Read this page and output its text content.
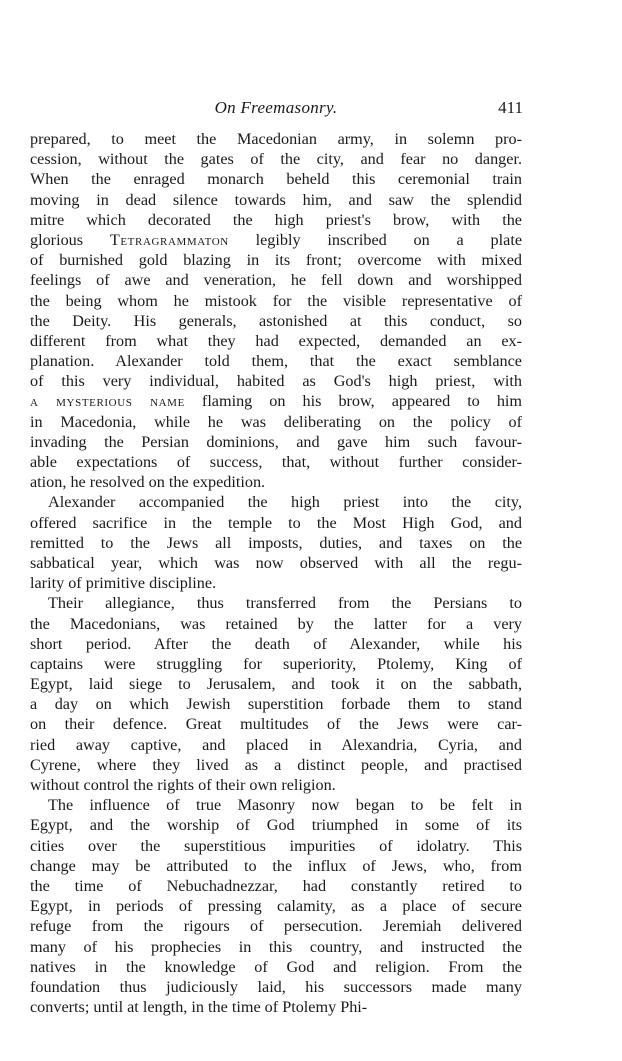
On Freemasonry.	411
prepared, to meet the Macedonian army, in solemn pro-
cession, without the gates of the city, and fear no danger.
When the enraged monarch beheld this ceremonial train
moving in dead silence towards him, and saw the splendid
mitre which decorated the high priest's brow, with the
glorious Tetragrammaton legibly inscribed on a plate
of burnished gold blazing in its front; overcome with mixed
feelings of awe and veneration, he fell down and worshipped
the being whom he mistook for the visible representative of
the Deity. His generals, astonished at this conduct, so
different from what they had expected, demanded an ex-
planation. Alexander told them, that the exact semblance
of this very individual, habited as God's high priest, with
a mysterious name flaming on his brow, appeared to him
in Macedonia, while he was deliberating on the policy of
invading the Persian dominions, and gave him such favour-
able expectations of success, that, without further consider-
ation, he resolved on the expedition.
Alexander accompanied the high priest into the city,
offered sacrifice in the temple to the Most High God, and
remitted to the Jews all imposts, duties, and taxes on the
sabbatical year, which was now observed with all the regu-
larity of primitive discipline.
Their allegiance, thus transferred from the Persians to
the Macedonians, was retained by the latter for a very
short period. After the death of Alexander, while his
captains were struggling for superiority, Ptolemy, King of
Egypt, laid siege to Jerusalem, and took it on the sabbath,
a day on which Jewish superstition forbade them to stand
on their defence. Great multitudes of the Jews were car-
ried away captive, and placed in Alexandria, Cyria, and
Cyrene, where they lived as a distinct people, and practised
without control the rights of their own religion.
The influence of true Masonry now began to be felt in
Egypt, and the worship of God triumphed in some of its
cities over the superstitious impurities of idolatry. This
change may be attributed to the influx of Jews, who, from
the time of Nebuchadnezzar, had constantly retired to
Egypt, in periods of pressing calamity, as a place of secure
refuge from the rigours of persecution. Jeremiah delivered
many of his prophecies in this country, and instructed the
natives in the knowledge of God and religion. From the
foundation thus judiciously laid, his successors made many
converts; until at length, in the time of Ptolemy Phi-
